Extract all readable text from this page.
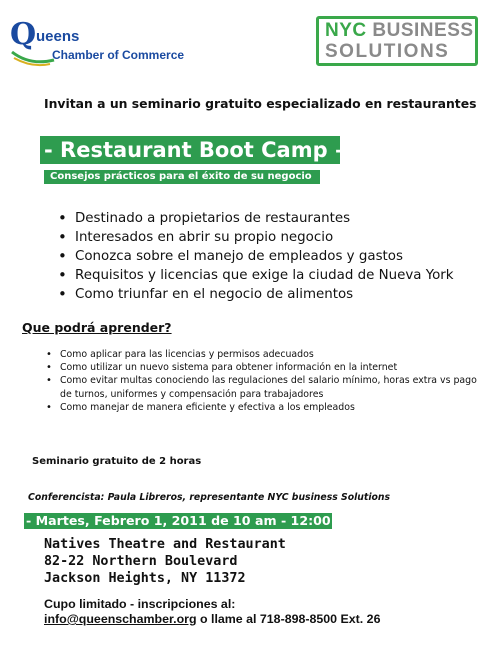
Q ueens
Chamber of Commerce
NYC BUSINESS
SOLUTIONS
Invitan a un seminario gratuito especializado en restaurantes
- Restaurant Boot Camp –
Consejos prácticos para el éxito de su negocio
• Destinado a propietarios de restaurantes
• Interesados en abrir su propio negocio
• Conozca sobre el manejo de empleados y gastos
• Requisitos y licencias que exige la ciudad de Nueva York
• Como triunfar en el negocio de alimentos
Que podrá aprender?
• Como aplicar para las licencias y permisos adecuados
• Como utilizar un nuevo sistema para obtener información en la internet
• Como evitar multas conociendo las regulaciones del salario mínimo, horas extra vs pago de turnos, uniformes y compensación para trabajadores
• Como manejar de manera eficiente y efectiva a los empleados
Seminario gratuito de 2 horas
Conferencista: Paula Libreros, representante NYC business Solutions
- Martes, Febrero 1, 2011 de 10 am - 12:00
Natives Theatre and Restaurant
82-22 Northern Boulevard
Jackson Heights, NY 11372
Cupo limitado - inscripciones al:
info@queenschamber.org o llame al 718-898-8500 Ext. 26
